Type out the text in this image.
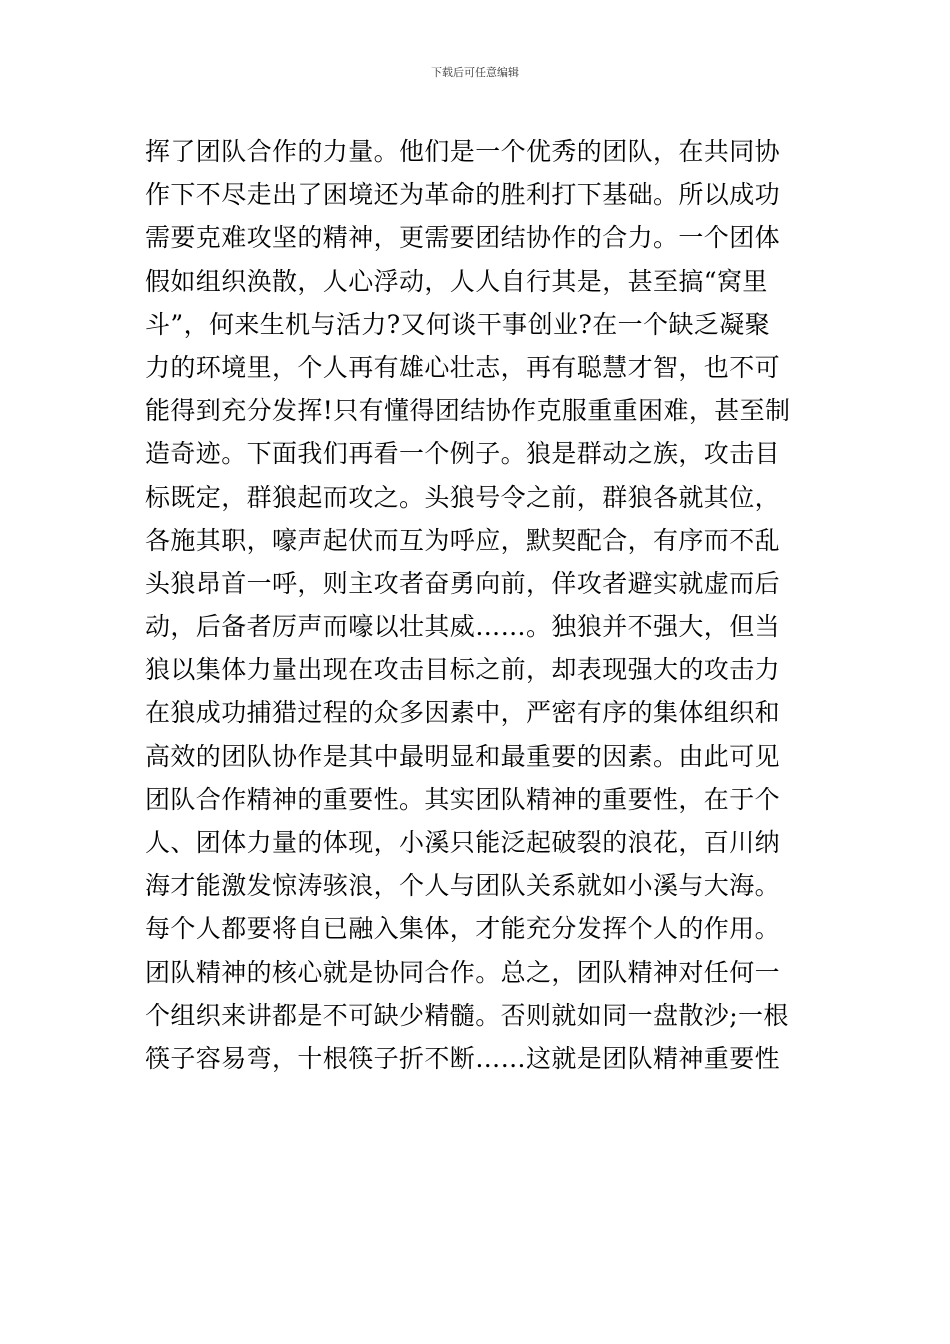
下载后可任意编辑
挥了团队合作的力量。他们是一个优秀的团队，在共同协
作下不尽走出了困境还为革命的胜利打下基础。所以成功
需要克难攻坚的精神，更需要团结协作的合力。一个团体
假如组织涣散，人心浮动，人人自行其是，甚至搞“窝里
斗”，何来生机与活力?又何谈干事创业?在一个缺乏凝聚
力的环境里，个人再有雄心壮志，再有聪慧才智，也不可
能得到充分发挥!只有懂得团结协作克服重重困难，甚至制
造奇迹。下面我们再看一个例子。狼是群动之族，攻击目
标既定，群狼起而攻之。头狼号令之前，群狼各就其位，
各施其职，嚎声起伏而互为呼应，默契配合，有序而不乱
头狼昂首一呼，则主攻者奋勇向前，佯攻者避实就虚而后
动，后备者厉声而嚎以壮其威……。独狼并不强大，但当
狼以集体力量出现在攻击目标之前，却表现强大的攻击力
在狼成功捕猎过程的众多因素中，严密有序的集体组织和
高效的团队协作是其中最明显和最重要的因素。由此可见
团队合作精神的重要性。其实团队精神的重要性，在于个
人、团体力量的体现，小溪只能泛起破裂的浪花，百川纳
海才能激发惊涛骇浪，个人与团队关系就如小溪与大海。
每个人都要将自已融入集体，才能充分发挥个人的作用。
团队精神的核心就是协同合作。总之，团队精神对任何一
个组织来讲都是不可缺少精髓。否则就如同一盘散沙;一根
筷子容易弯，十根筷子折不断……这就是团队精神重要性
